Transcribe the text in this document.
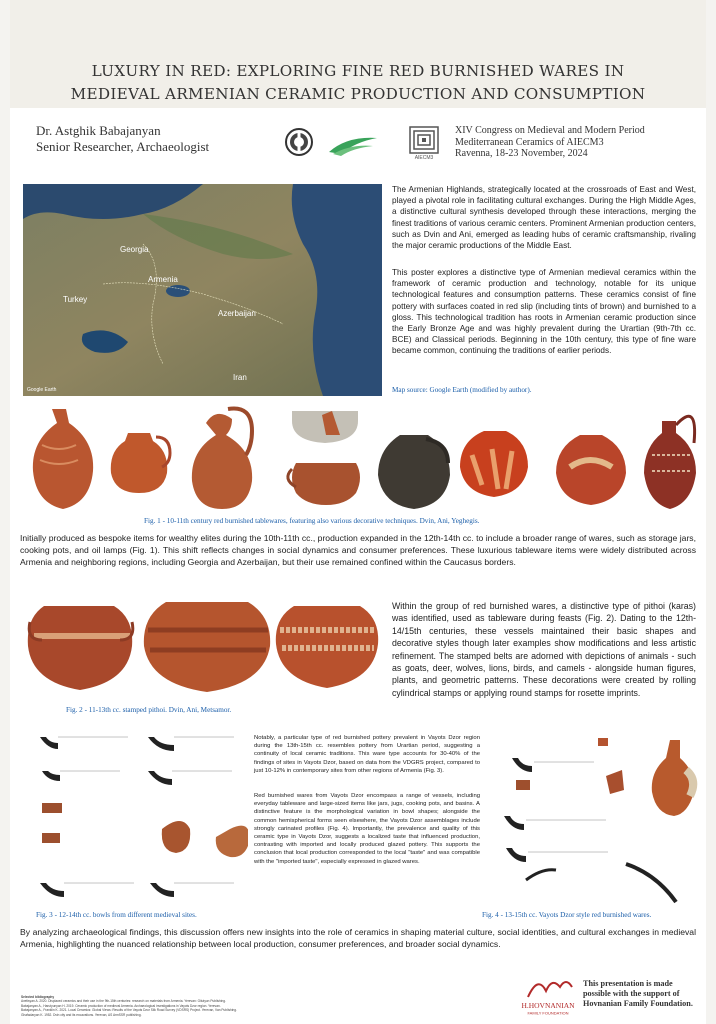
LUXURY IN RED: EXPLORING FINE RED BURNISHED WARES IN
MEDIEVAL ARMENIAN CERAMIC PRODUCTION AND CONSUMPTION
Dr. Astghik Babajanyan
Senior Researcher, Archaeologist
AIECM3
XIV Congress on Medieval and Modern Period
Mediterranean Ceramics of AIECM3
Ravenna, 18-23 November, 2024
Georgia
Armenia
Turkey
Azerbaijan
Iran
Google Earth
The Armenian Highlands, strategically located at the crossroads of East and West, played a pivotal role in facilitating cultural exchanges. During the High Middle Ages, a distinctive cultural synthesis developed through these interactions, merging the finest traditions of various ceramic centers. Prominent Armenian production centers, such as Dvin and Ani, emerged as leading hubs of ceramic craftsmanship, rivaling the major ceramic productions of the Middle East.
This poster explores a distinctive type of Armenian medieval ceramics within the framework of ceramic production and technology, notable for its unique technological features and consumption patterns. These ceramics consist of fine pottery with surfaces coated in red slip (including tints of brown) and burnished to a gloss. This technological tradition has roots in Armenian ceramic production since the Early Bronze Age and was highly prevalent during the Urartian (9th-7th cc. BCE) and Classical periods. Beginning in the 10th century, this type of fine ware became common, continuing the traditions of earlier periods.
Map source: Google Earth (modified by author).
Fig. 1 - 10-11th century red burnished tablewares, featuring also various decorative techniques. Dvin, Ani, Yeghegis.
Initially produced as bespoke items for wealthy elites during the 10th-11th cc., production expanded in the 12th-14th cc. to include a broader range of wares, such as storage jars, cooking pots, and oil lamps (Fig. 1). This shift reflects changes in social dynamics and consumer preferences. These luxurious tableware items were widely distributed across Armenia and neighboring regions, including Georgia and Azerbaijan, but their use remained confined within the Caucasus borders.
Fig. 2 - 11-13th cc. stamped pithoi. Dvin, Ani, Metsamor.
Within the group of red burnished wares, a distinctive type of pithoi (karas) was identified, used as tableware during feasts (Fig. 2). Dating to the 12th-14/15th centuries, these vessels maintained their basic shapes and decorative styles though later examples show modifications and less artistic refinement. The stamped belts are adorned with depictions of animals - such as goats, deer, wolves, lions, birds, and camels - alongside human figures, plants, and geometric patterns. These decorations were created by rolling cylindrical stamps or applying round stamps for rosette imprints.
Fig. 3 - 12-14th cc. bowls from different medieval sites.
Notably, a particular type of red burnished pottery prevalent in Vayots Dzor region during the 13th-15th cc. resembles pottery from Urartian period, suggesting a continuity of local ceramic traditions. This ware type accounts for 30-40% of the findings of sites in Vayots Dzor, based on data from the VDGRS project, compared to just 10-12% in contemporary sites from other regions of Armenia (Fig. 3).
Red burnished wares from Vayots Dzor encompass a range of vessels, including everyday tableware and large-sized items like jars, jugs, cooking pots, and basins. A distinctive feature is the morphological variation in bowl shapes; alongside the common hemispherical forms seen elsewhere, the Vayots Dzor assemblages include strongly carinated profiles (Fig. 4). Importantly, the prevalence and quality of this ceramic type in Vayots Dzor, suggests a localized taste that influenced production, contrasting with imported and locally produced glazed pottery. This supports the conclusion that local production corresponded to the local "taste" and was compatible with the "imported taste", especially expressed in glazed wares.
Fig. 4 - 13-15th cc. Vayots Dzor style red burnished wares.
By analyzing archaeological findings, this discussion offers new insights into the role of ceramics in shaping material culture, social identities, and cultural exchanges in medieval Armenia, highlighting the nuanced relationship between local production, consumer preferences, and broader social dynamics.
Selected bibliography
Avetisyan A. 2020. Displaced ceramics and their use in the 9th-15th centuries: research on materials from Armenia. Yerevan: Gitutyun Publishing.
Babajanyan A., Harutyunyan H. 2019. Ceramic production of medieval Armenia. Archaeological investigations in Vayots Dzor region. Yerevan.
Babajanyan A., Franklin K. 2021. Local Ceramics: Global Views: Results of the Vayots Dzor Silk Road Survey (VDSRS) Project. Yerevan, Van Publishing.
Ghafadaryan K. 1952. Dvin city and its excavations. Yerevan, AS ArmSSR publishing.
H.HOVNANIAN
FAMILY FOUNDATION
This presentation is made
possible with the support of
Hovnanian Family Foundation.
